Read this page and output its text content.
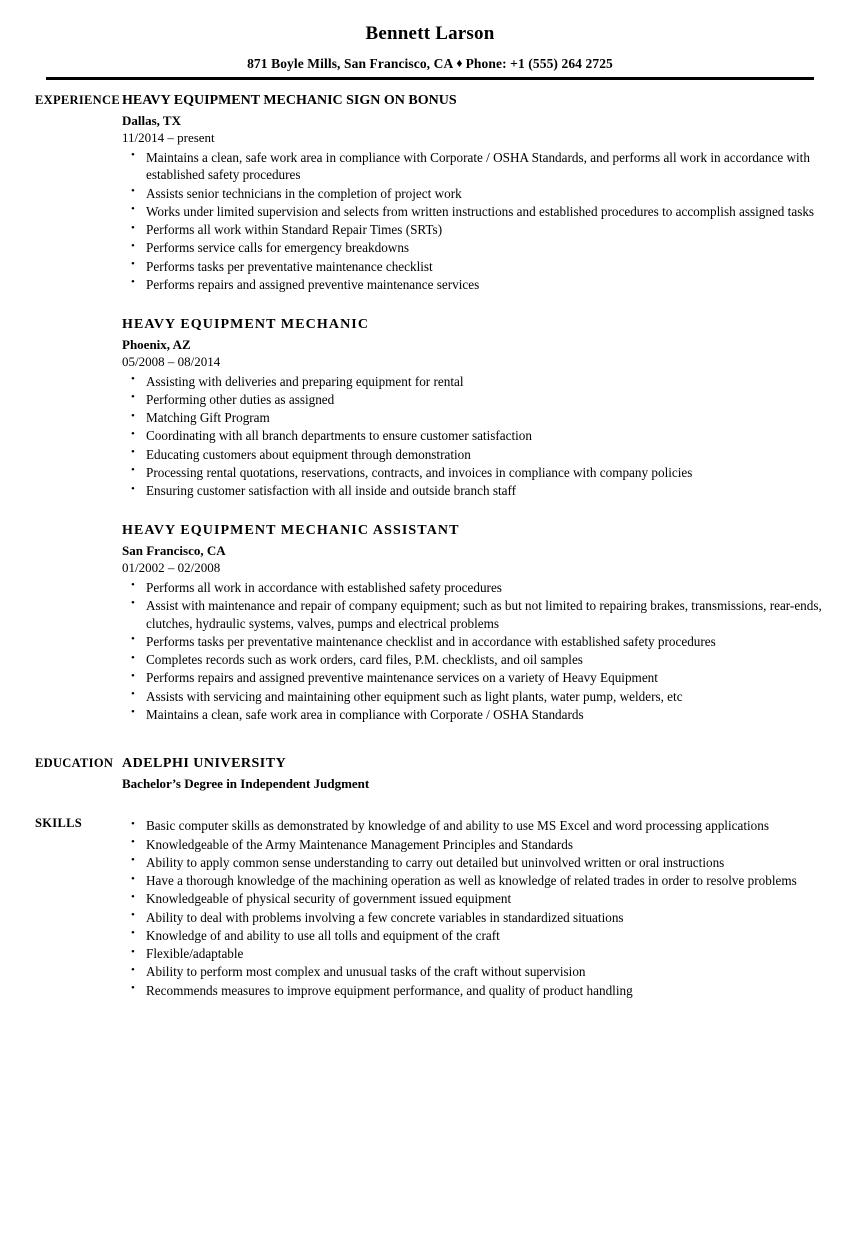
Bennett Larson
871 Boyle Mills, San Francisco, CA ♦ Phone: +1 (555) 264 2725
EXPERIENCE HEAVY EQUIPMENT MECHANIC SIGN ON BONUS
Dallas, TX
11/2014 – present
• Maintains a clean, safe work area in compliance with Corporate / OSHA Standards, and performs all work in accordance with established safety procedures
• Assists senior technicians in the completion of project work
• Works under limited supervision and selects from written instructions and established procedures to accomplish assigned tasks
• Performs all work within Standard Repair Times (SRTs)
• Performs service calls for emergency breakdowns
• Performs tasks per preventative maintenance checklist
• Performs repairs and assigned preventive maintenance services
HEAVY EQUIPMENT MECHANIC
Phoenix, AZ
05/2008 – 08/2014
• Assisting with deliveries and preparing equipment for rental
• Performing other duties as assigned
• Matching Gift Program
• Coordinating with all branch departments to ensure customer satisfaction
• Educating customers about equipment through demonstration
• Processing rental quotations, reservations, contracts, and invoices in compliance with company policies
• Ensuring customer satisfaction with all inside and outside branch staff
HEAVY EQUIPMENT MECHANIC ASSISTANT
San Francisco, CA
01/2002 – 02/2008
• Performs all work in accordance with established safety procedures
• Assist with maintenance and repair of company equipment; such as but not limited to repairing brakes, transmissions, rear-ends, clutches, hydraulic systems, valves, pumps and electrical problems
• Performs tasks per preventative maintenance checklist and in accordance with established safety procedures
• Completes records such as work orders, card files, P.M. checklists, and oil samples
• Performs repairs and assigned preventive maintenance services on a variety of Heavy Equipment
• Assists with servicing and maintaining other equipment such as light plants, water pump, welders, etc
• Maintains a clean, safe work area in compliance with Corporate / OSHA Standards
EDUCATION ADELPHI UNIVERSITY
Bachelor’s Degree in Independent Judgment
SKILLS	• Basic computer skills as demonstrated by knowledge of and ability to use MS Excel and word processing applications
• Knowledgeable of the Army Maintenance Management Principles and Standards
• Ability to apply common sense understanding to carry out detailed but uninvolved written or oral instructions
• Have a thorough knowledge of the machining operation as well as knowledge of related trades in order to resolve problems
• Knowledgeable of physical security of government issued equipment
• Ability to deal with problems involving a few concrete variables in standardized situations
• Knowledge of and ability to use all tolls and equipment of the craft
• Flexible/adaptable
• Ability to perform most complex and unusual tasks of the craft without supervision
• Recommends measures to improve equipment performance, and quality of product handling
